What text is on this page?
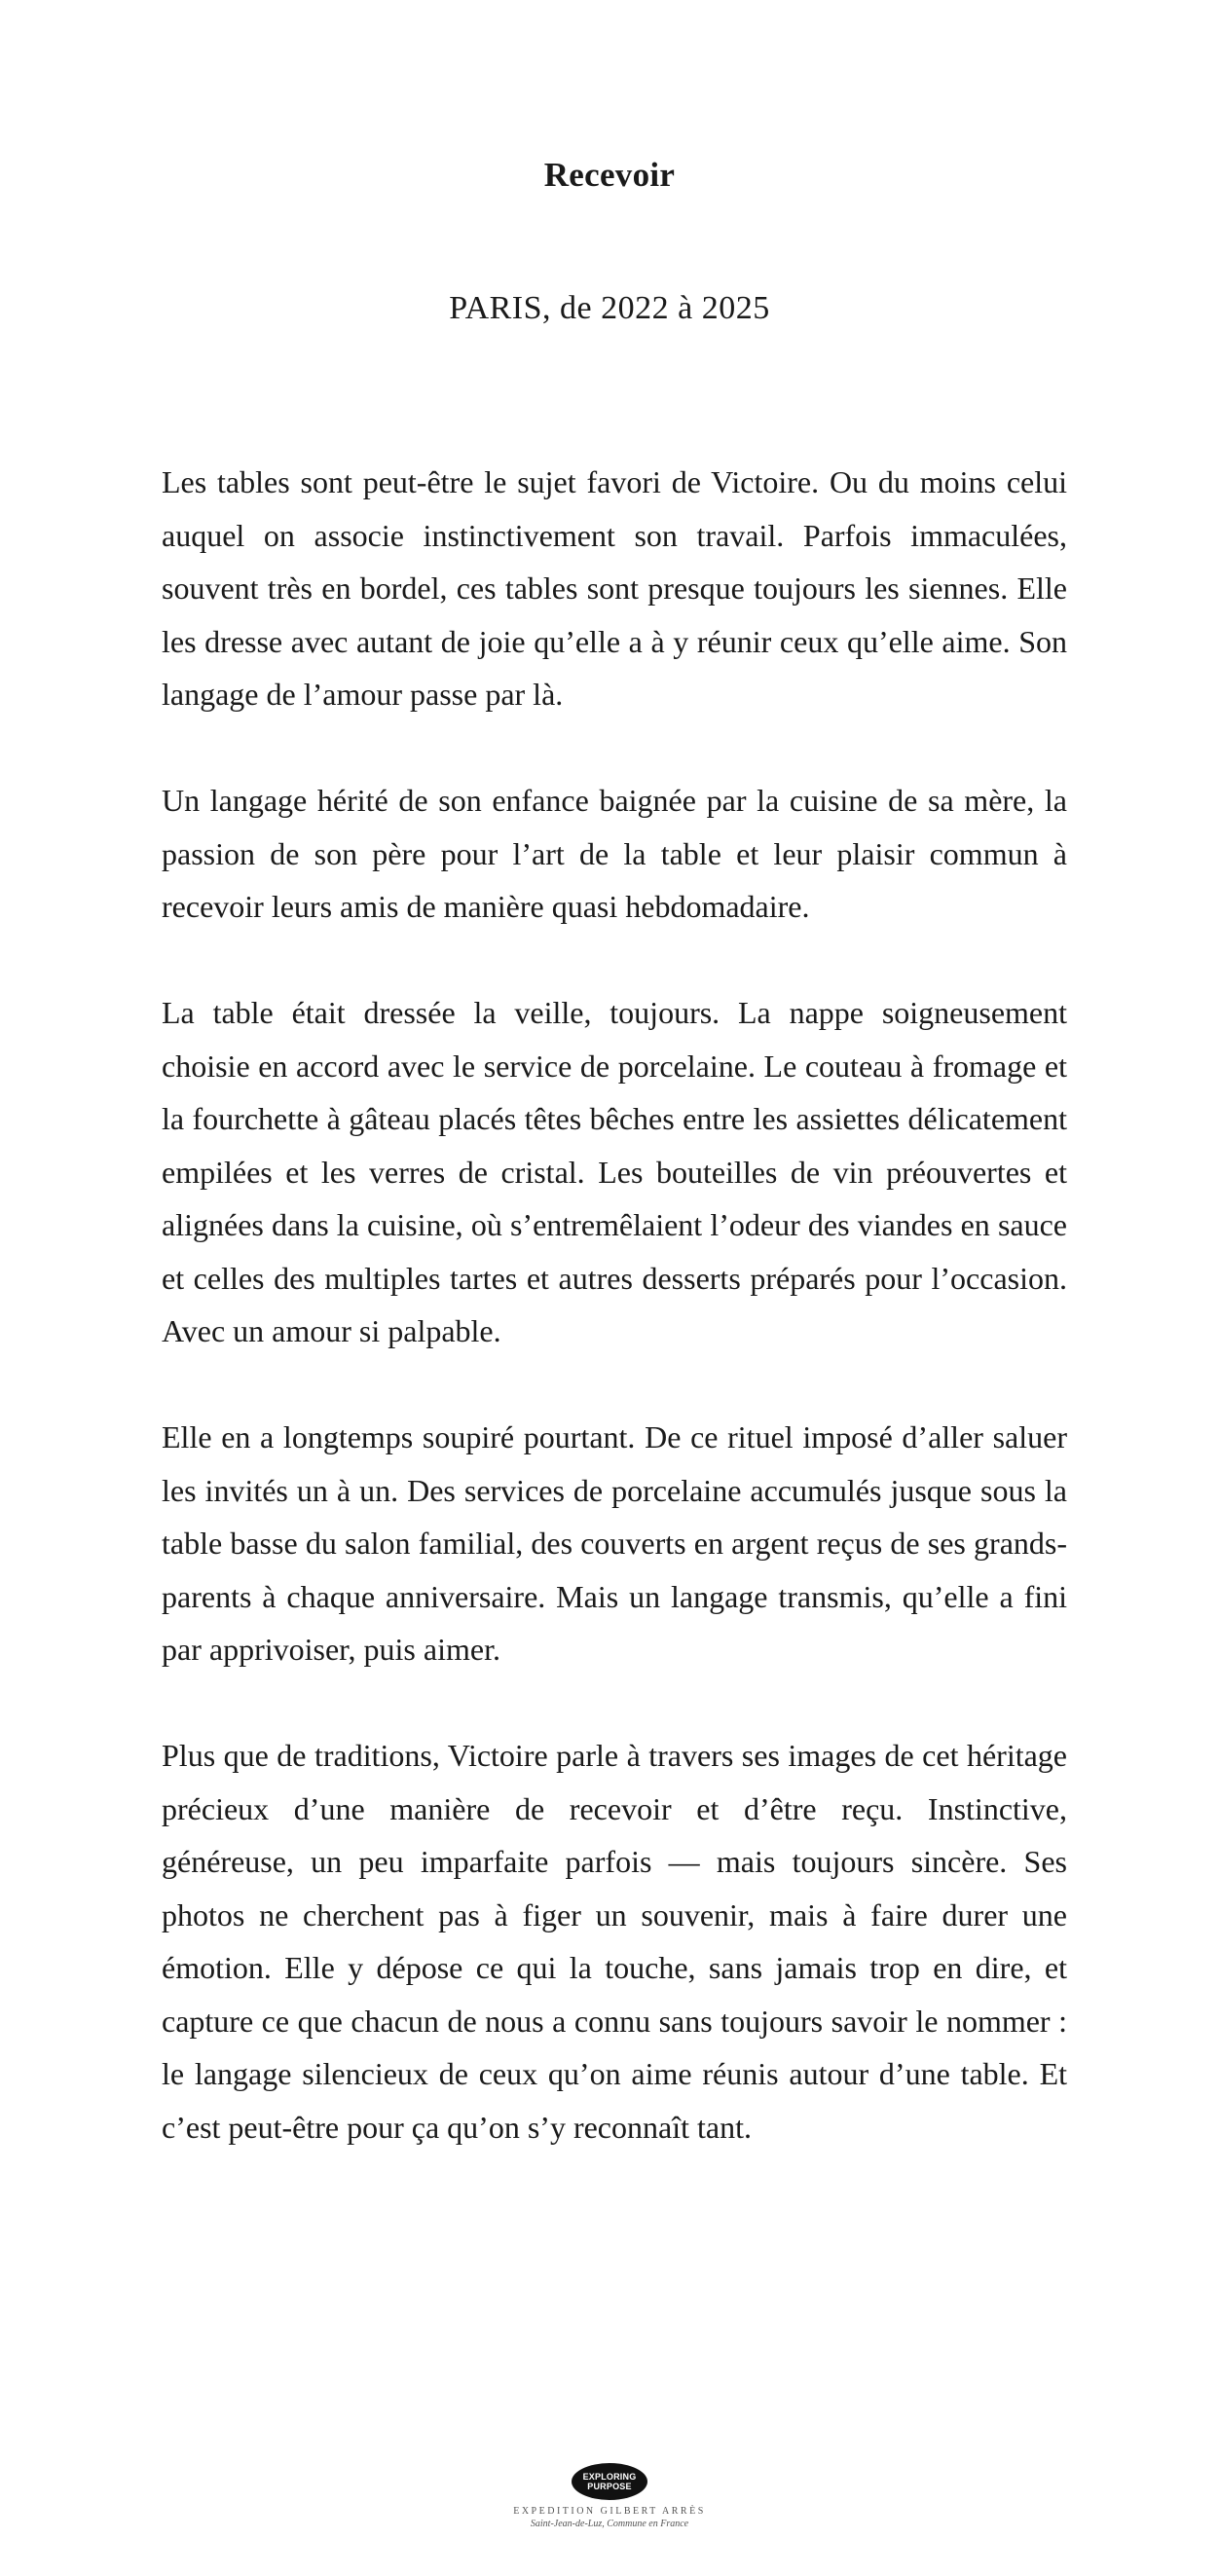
Recevoir
PARIS, de 2022 à 2025

Les tables sont peut-être le sujet favori de Victoire. Ou du moins celui auquel on associe instinctivement son travail. Parfois immaculées, souvent très en bordel, ces tables sont presque toujours les siennes. Elle les dresse avec autant de joie qu’elle a à y réunir ceux qu’elle aime. Son langage de l’amour passe par là.

Un langage hérité de son enfance baignée par la cuisine de sa mère, la passion de son père pour l’art de la table et leur plaisir commun à recevoir leurs amis de manière quasi hebdomadaire.

La table était dressée la veille, toujours. La nappe soigneusement choisie en accord avec le service de porcelaine. Le couteau à fromage et la fourchette à gâteau placés têtes bêches entre les assiettes délicatement empilées et les verres de cristal. Les bouteilles de vin préouvertes et alignées dans la cuisine, où s’entremêlaient l’odeur des viandes en sauce et celles des multiples tartes et autres desserts préparés pour l’occasion. Avec un amour si palpable.

Elle en a longtemps soupiré pourtant. De ce rituel imposé d’aller saluer les invités un à un. Des services de porcelaine accumulés jusque sous la table basse du salon familial, des couverts en argent reçus de ses grands-parents à chaque anniversaire. Mais un langage transmis, qu’elle a fini par apprivoiser, puis aimer.

Plus que de traditions, Victoire parle à travers ses images de cet héritage précieux d’une manière de recevoir et d’être reçu. Instinctive, généreuse, un peu imparfaite parfois — mais toujours sincère. Ses photos ne cherchent pas à figer un souvenir, mais à faire durer une émotion. Elle y dépose ce qui la touche, sans jamais trop en dire, et capture ce que chacun de nous a connu sans toujours savoir le nommer : le langage silencieux de ceux qu’on aime réunis autour d’une table. Et c’est peut-être pour ça qu’on s’y reconnaît tant.

EXPLORING
PURPOSE
EXPEDITION GILBERT ARRÈS
Saint-Jean-de-Luz, Commune en France
